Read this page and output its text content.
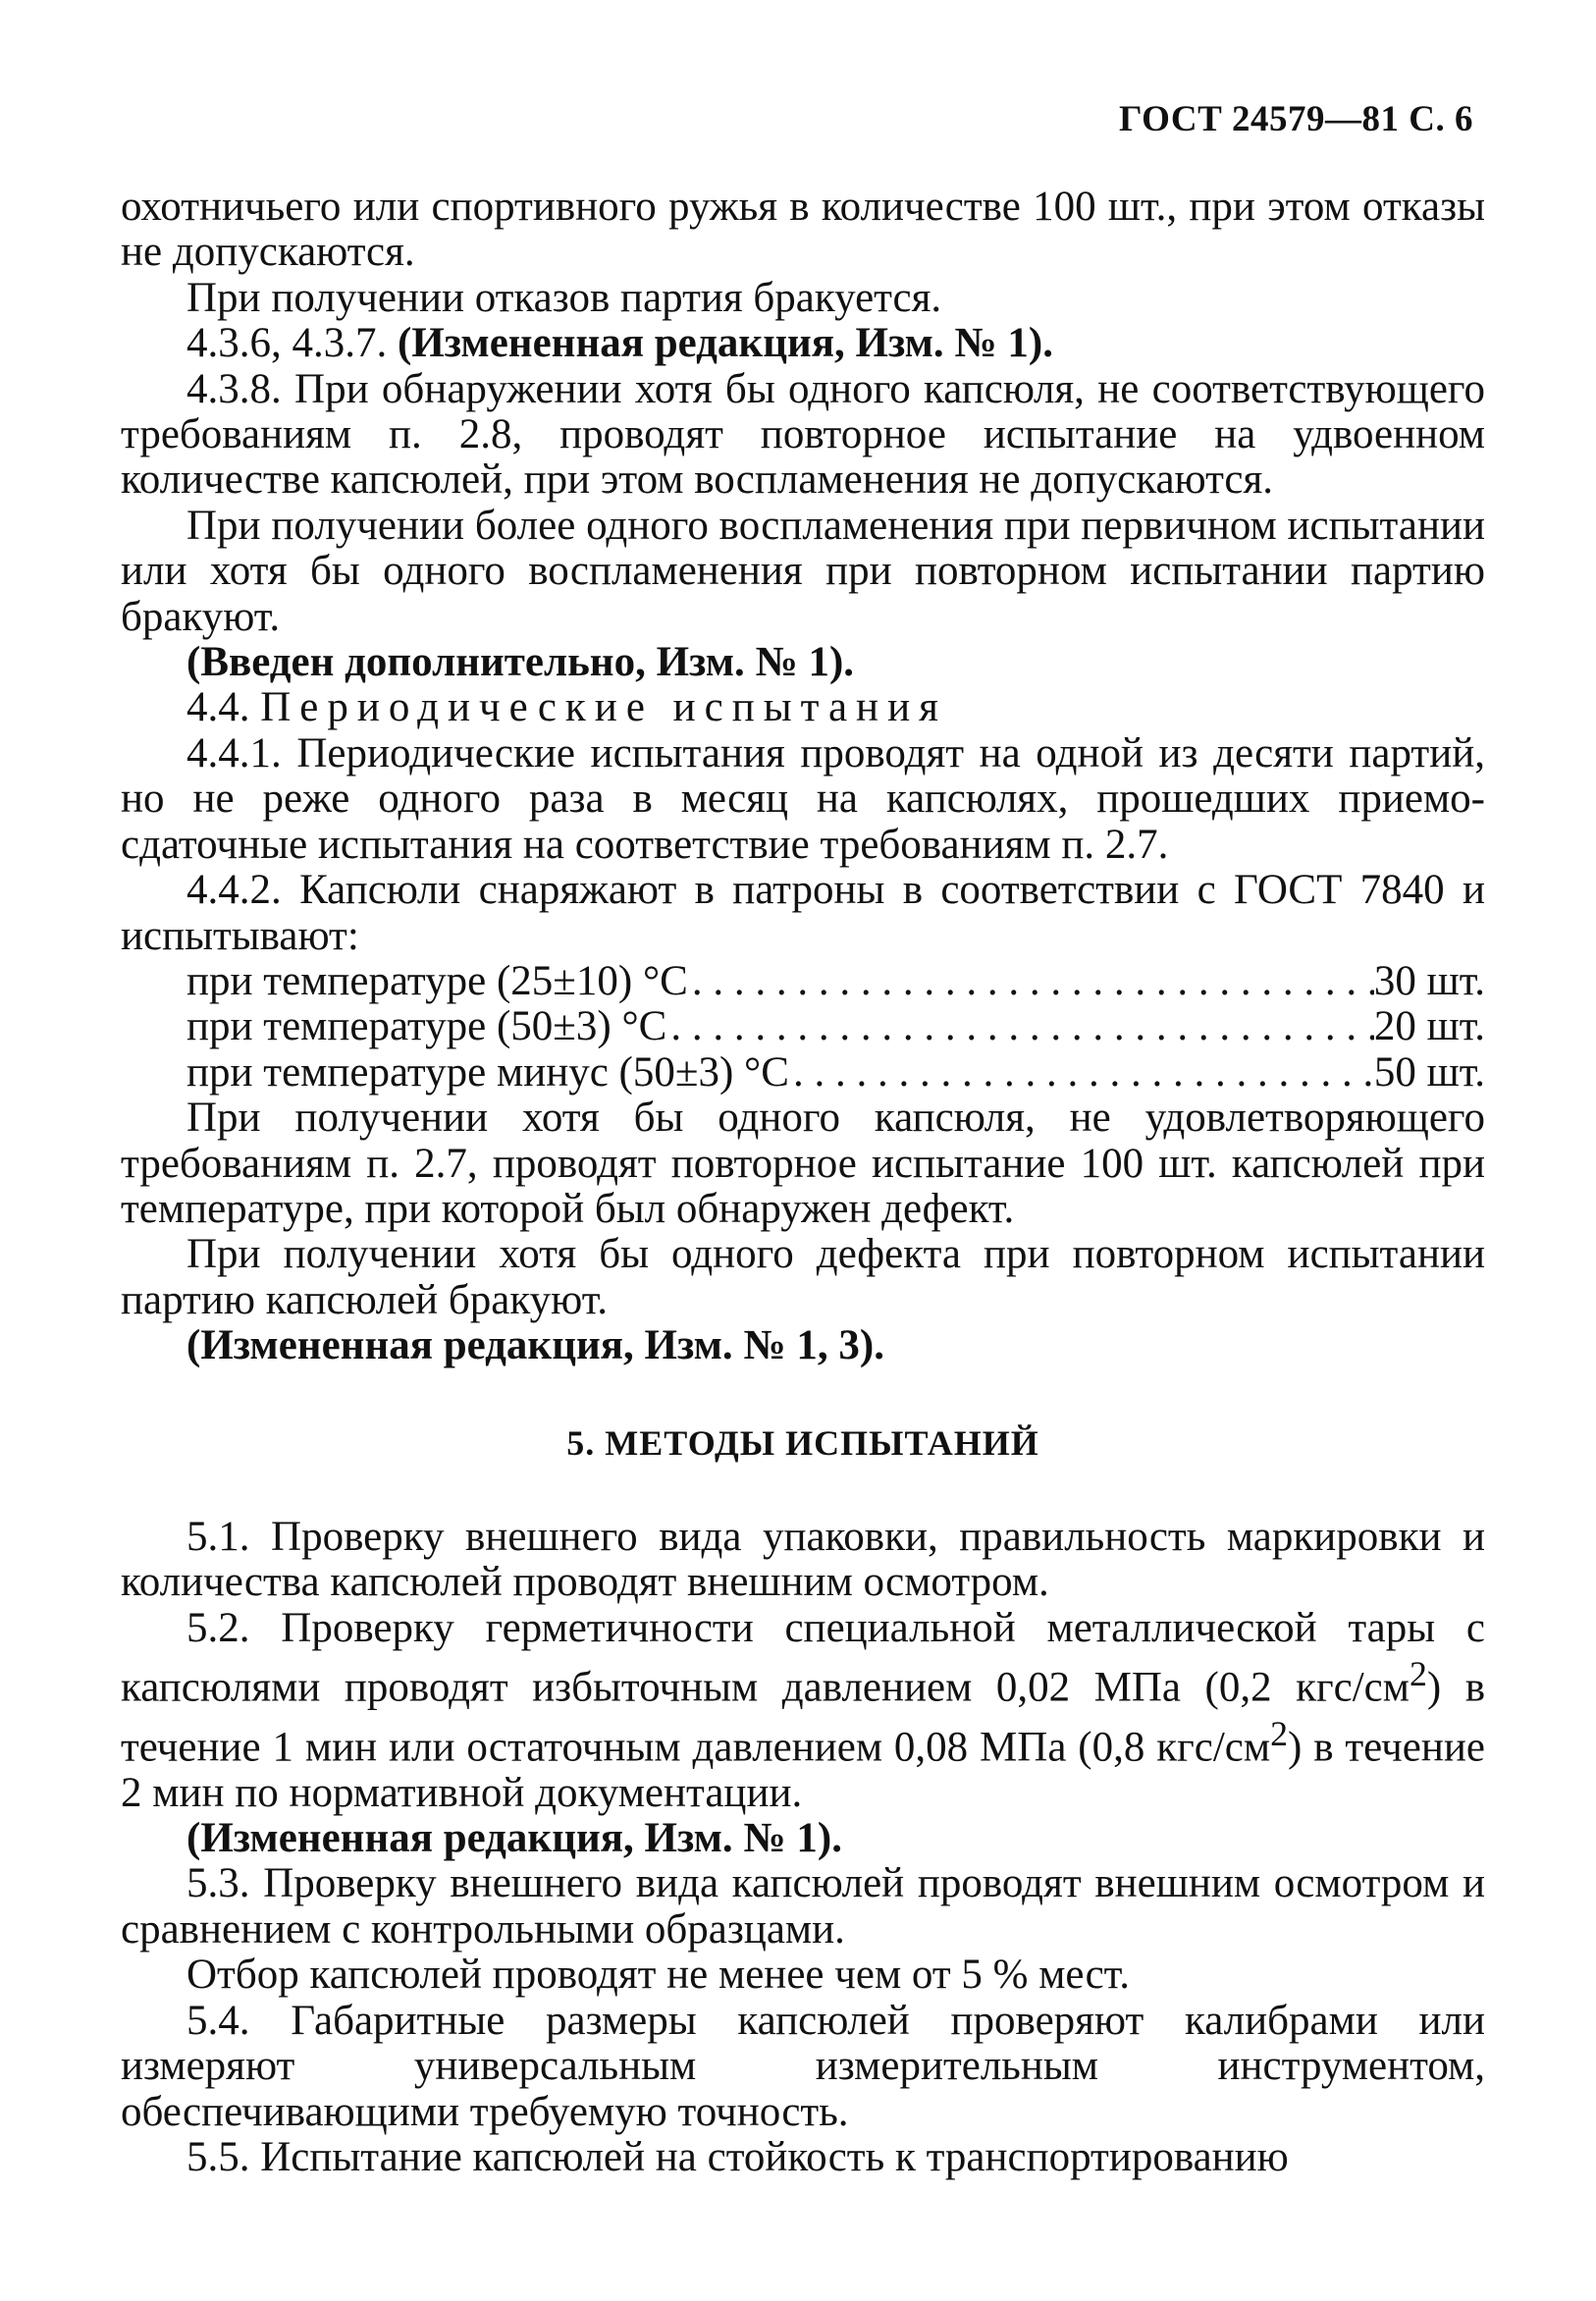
ГОСТ 24579—81 С. 6

охотничьего или спортивного ружья в количестве 100 шт., при этом отказы не допускаются.

При получении отказов партия бракуется.

4.3.6, 4.3.7. (Измененная редакция, Изм. № 1).

4.3.8. При обнаружении хотя бы одного капсюля, не соответствующего требованиям п. 2.8, проводят повторное испытание на удвоенном количестве капсюлей, при этом воспламенения не допускаются.

При получении более одного воспламенения при первичном испытании или хотя бы одного воспламенения при повторном испытании партию бракуют.

(Введен дополнительно, Изм. № 1).

4.4. Периодические испытания

4.4.1. Периодические испытания проводят на одной из десяти партий, но не реже одного раза в месяц на капсюлях, прошедших приемо-сдаточные испытания на соответствие требованиям п. 2.7.

4.4.2. Капсюли снаряжают в патроны в соответствии с ГОСТ 7840 и испытывают:

при температуре (25±10) °С . . .	30 шт.
при температуре (50±3) °С . . .	20 шт.
при температуре минус (50±3) °С . . .	50 шт.

При получении хотя бы одного капсюля, не удовлетворяющего требованиям п. 2.7, проводят повторное испытание 100 шт. капсюлей при температуре, при которой был обнаружен дефект.

При получении хотя бы одного дефекта при повторном испытании партию капсюлей бракуют.

(Измененная редакция, Изм. № 1, 3).

5. МЕТОДЫ ИСПЫТАНИЙ

5.1. Проверку внешнего вида упаковки, правильность маркировки и количества капсюлей проводят внешним осмотром.

5.2. Проверку герметичности специальной металлической тары с капсюлями проводят избыточным давлением 0,02 МПа (0,2 кгс/$см^2$) в течение 1 мин или остаточным давлением 0,08 МПа (0,8 кгс/$см^2$) в течение 2 мин по нормативной документации.

(Измененная редакция, Изм. № 1).

5.3. Проверку внешнего вида капсюлей проводят внешним осмотром и сравнением с контрольными образцами.

Отбор капсюлей проводят не менее чем от 5 % мест.

5.4. Габаритные размеры капсюлей проверяют калибрами или измеряют универсальным измерительным инструментом, обеспечивающими требуемую точность.

5.5. Испытание капсюлей на стойкость к транспортированию
